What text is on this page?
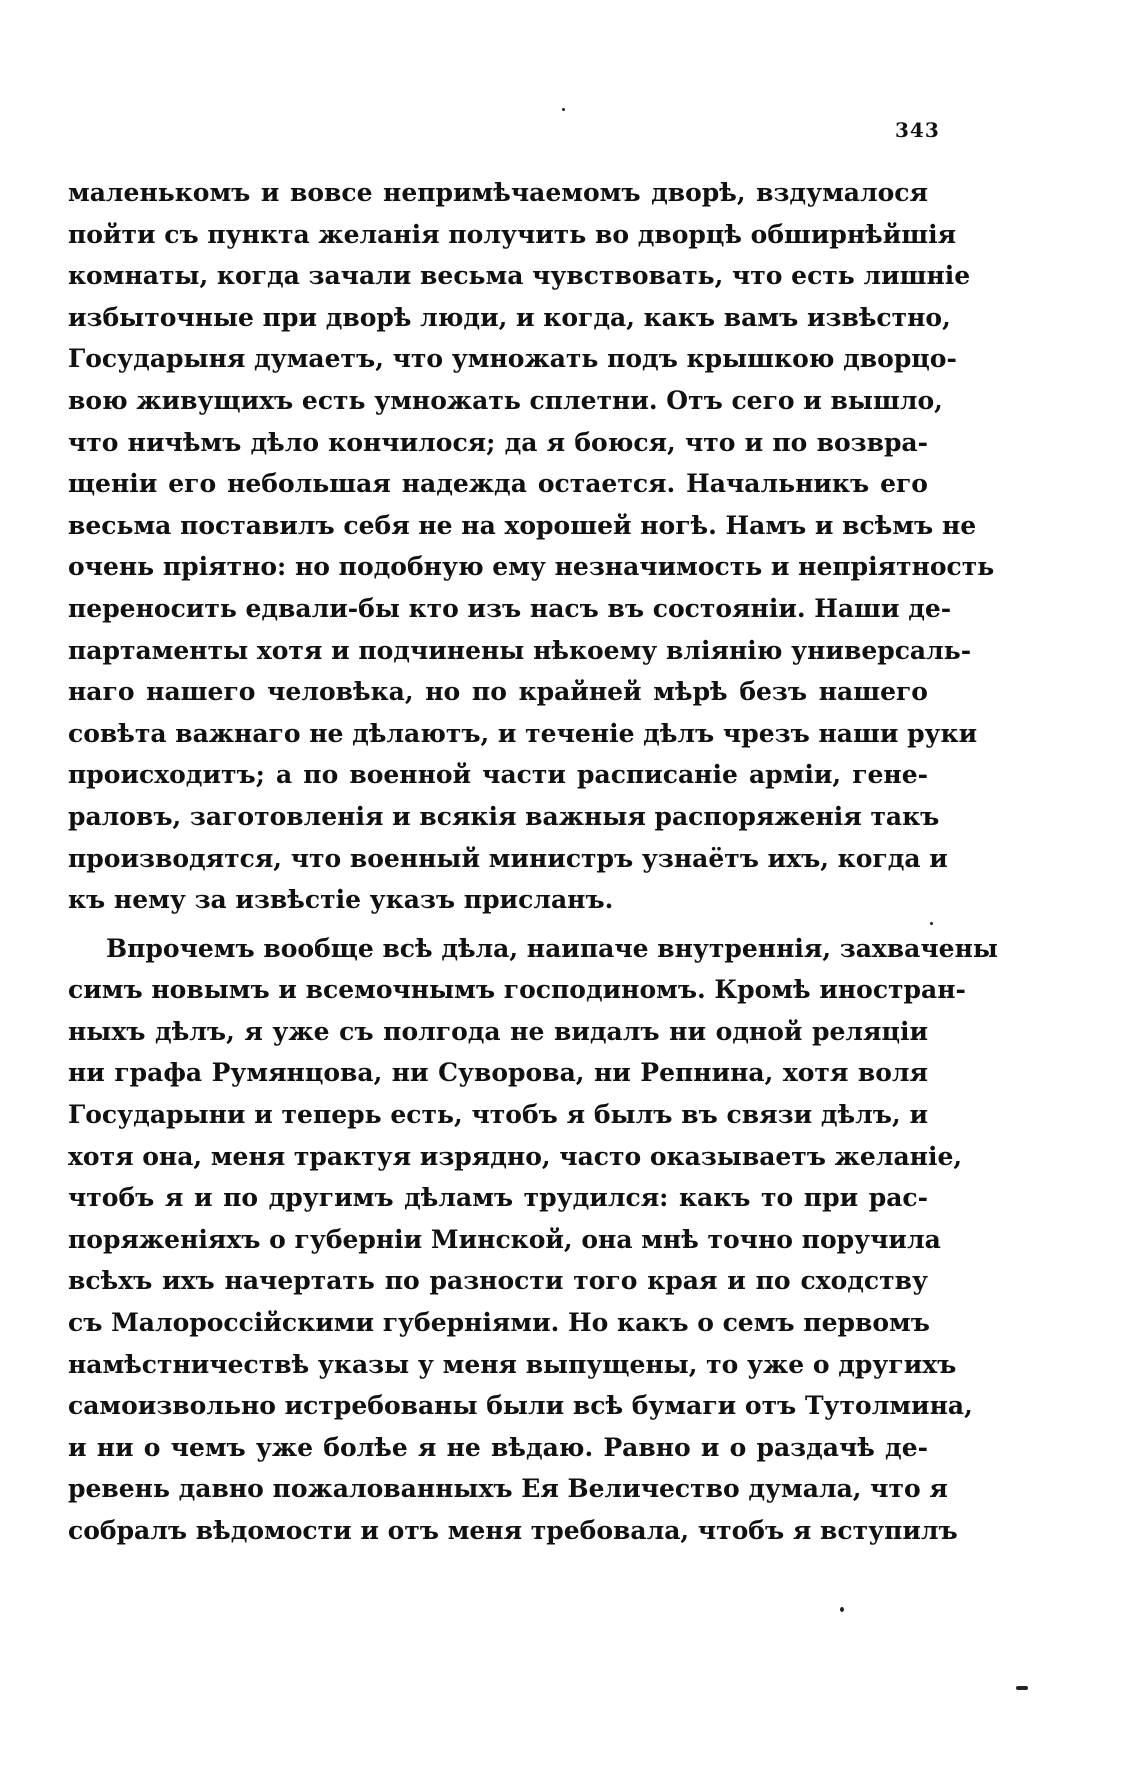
343
маленькомъ и вовсе непримѣчаемомъ дворѣ, вздумалося
пойти съ пункта желанія получить во дворцѣ обширнѣйшія
комнаты, когда зачали весьма чувствовать, что есть лишніе
избыточные при дворѣ люди, и когда, какъ вамъ извѣстно,
Государыня думаетъ, что умножать подъ крышкою дворцо-
вою живущихъ есть умножать сплетни. Отъ сего и вышло,
что ничѣмъ дѣло кончилося; да я боюся, что и по возвра-
щеніи его небольшая надежда остается. Начальникъ его
весьма поставилъ себя не на хорошей ногѣ. Намъ и всѣмъ не
очень пріятно: но подобную ему незначимость и непріятность
переносить едвали-бы кто изъ насъ въ состояніи. Наши де-
партаменты хотя и подчинены нѣкоему вліянію универсаль-
наго нашего человѣка, но по крайней мѣрѣ безъ нашего
совѣта важнаго не дѣлаютъ, и теченіе дѣлъ чрезъ наши руки
происходитъ; а по военной части расписаніе арміи, гене-
раловъ, заготовленія и всякія важныя распоряженія такъ
производятся, что военный министръ узнаётъ ихъ, когда и
къ нему за извѣстіе указъ присланъ.
Впрочемъ вообще всѣ дѣла, наипаче внутреннія, захвачены
симъ новымъ и всемочнымъ господиномъ. Кромѣ иностран-
ныхъ дѣлъ, я уже съ полгода не видалъ ни одной реляціи
ни графа Румянцова, ни Суворова, ни Репнина, хотя воля
Государыни и теперь есть, чтобъ я былъ въ связи дѣлъ, и
хотя она, меня трактуя изрядно, часто оказываетъ желаніе,
чтобъ я и по другимъ дѣламъ трудился: какъ то при рас-
поряженіяхъ о губерніи Минской, она мнѣ точно поручила
всѣхъ ихъ начертать по разности того края и по сходству
съ Малороссійскими губерніями. Но какъ о семъ первомъ
намѣстничествѣ указы у меня выпущены, то уже о другихъ
самоизвольно истребованы были всѣ бумаги отъ Тутолмина,
и ни о чемъ уже болѣе я не вѣдаю. Равно и о раздачѣ де-
ревень давно пожалованныхъ Ея Величество думала, что я
собралъ вѣдомости и отъ меня требовала, чтобъ я вступилъ
